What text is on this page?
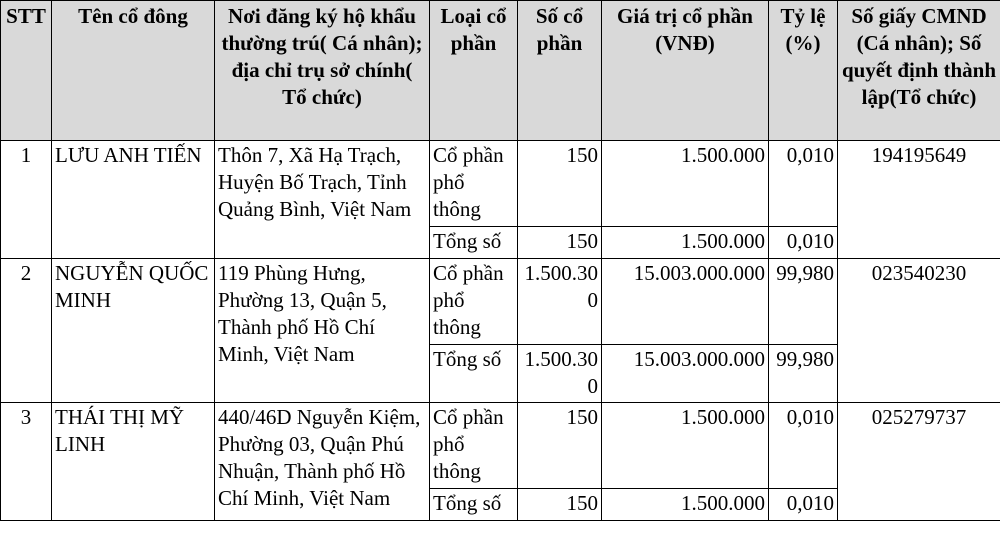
STT	Tên cổ đông	Nơi đăng ký hộ khẩu thường trú( Cá nhân); địa chỉ trụ sở chính( Tổ chức)	Loại cổ phần	Số cổ phần	Giá trị cổ phần (VNĐ)	Tỷ lệ (%)	Số giấy CMND (Cá nhân); Số quyết định thành lập(Tổ chức)
1	LƯU ANH TIẾN	Thôn 7, Xã Hạ Trạch, Huyện Bố Trạch, Tỉnh Quảng Bình, Việt Nam	Cổ phần phổ thông	150	1.500.000	0,010	194195649
			Tổng số	150	1.500.000	0,010	
2	NGUYỄN QUỐC MINH	119 Phùng Hưng, Phường 13, Quận 5, Thành phố Hồ Chí Minh, Việt Nam	Cổ phần phổ thông	1.500.300	15.003.000.000	99,980	023540230
			Tổng số	1.500.300	15.003.000.000	99,980	
3	THÁI THỊ MỸ LINH	440/46D Nguyễn Kiệm, Phường 03, Quận Phú Nhuận, Thành phố Hồ Chí Minh, Việt Nam	Cổ phần phổ thông	150	1.500.000	0,010	025279737
			Tổng số	150	1.500.000	0,010	
